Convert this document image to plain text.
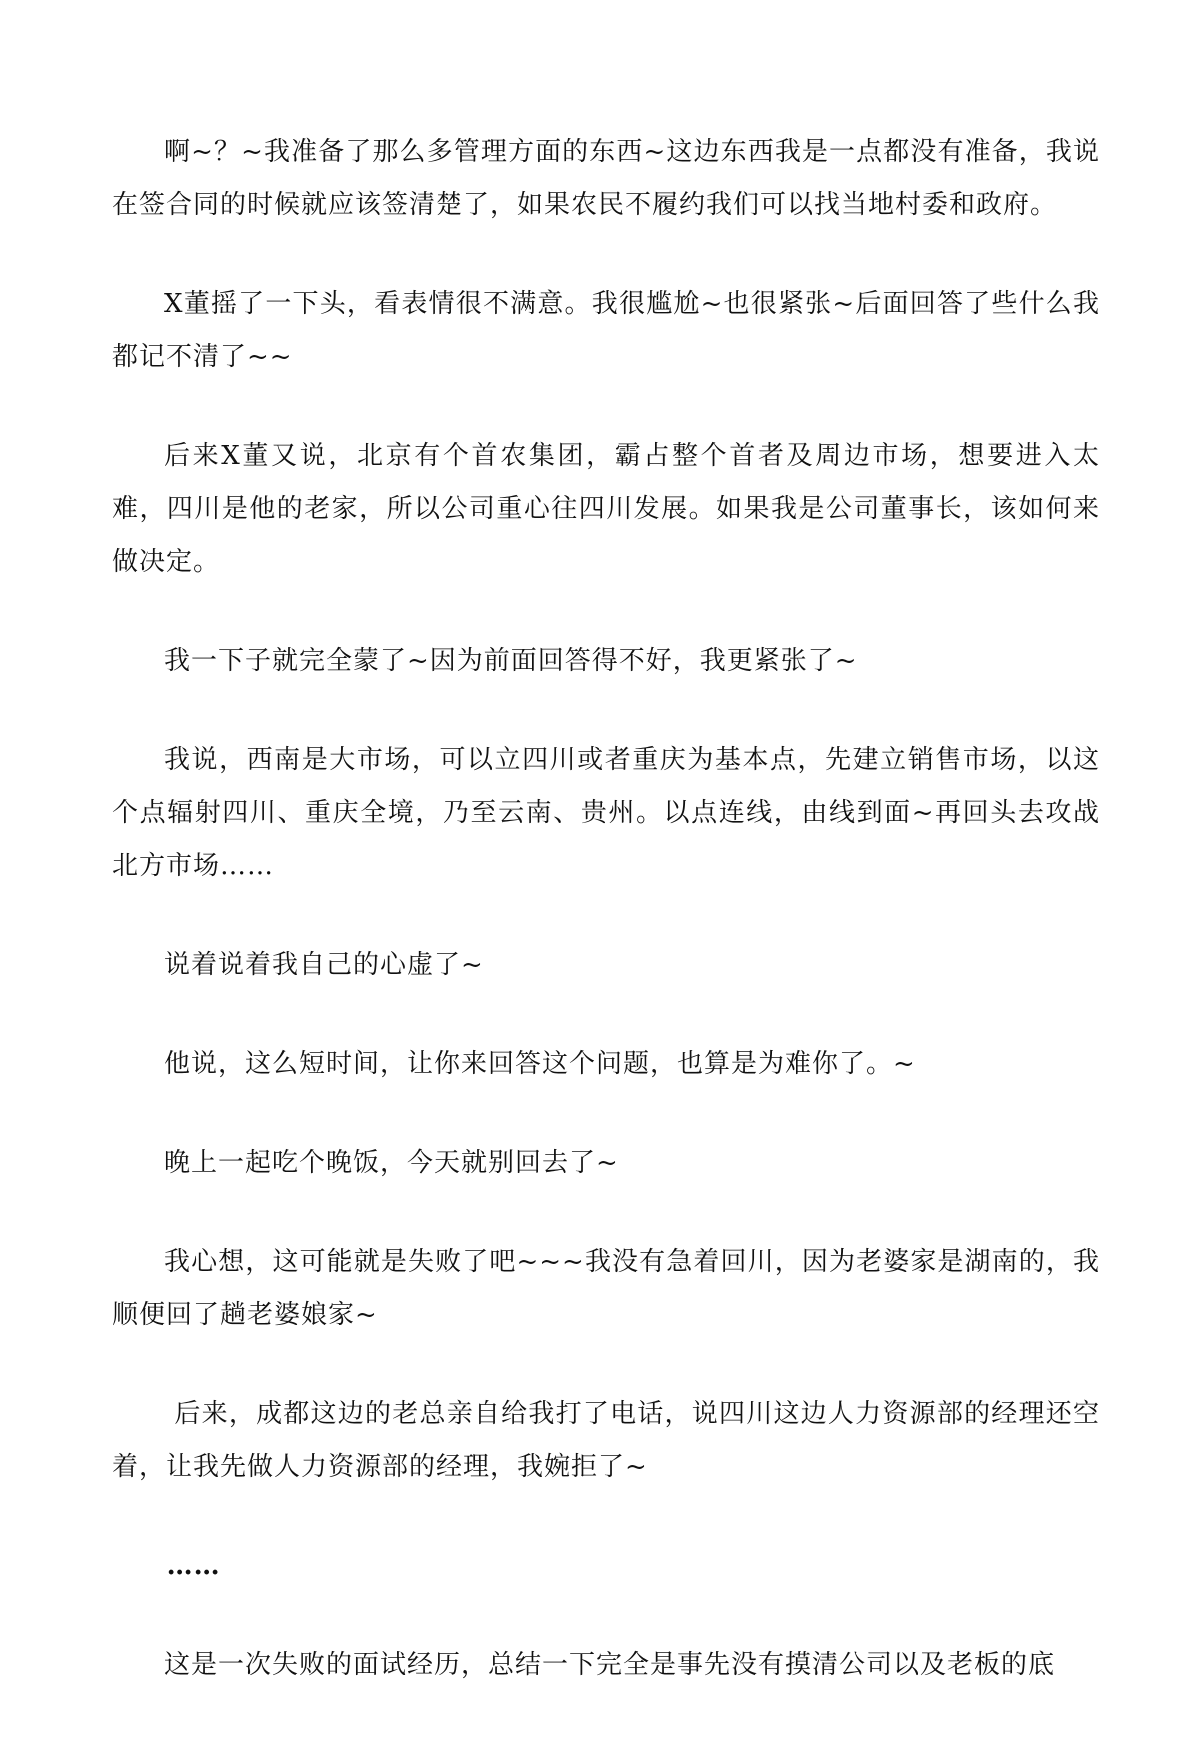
啊~？~我准备了那么多管理方面的东西~这边东西我是一点都没有准备，我说在签合同的时候就应该签清楚了，如果农民不履约我们可以找当地村委和政府。

X董摇了一下头，看表情很不满意。我很尴尬~也很紧张~后面回答了些什么我都记不清了~~

后来X董又说，北京有个首农集团，霸占整个首者及周边市场，想要进入太难，四川是他的老家，所以公司重心往四川发展。如果我是公司董事长，该如何来做决定。

我一下子就完全蒙了~因为前面回答得不好，我更紧张了~

我说，西南是大市场，可以立四川或者重庆为基本点，先建立销售市场，以这个点辐射四川、重庆全境，乃至云南、贵州。以点连线，由线到面~再回头去攻战北方市场……

说着说着我自己的心虚了~

他说，这么短时间，让你来回答这个问题，也算是为难你了。~

晚上一起吃个晚饭，今天就别回去了~

我心想，这可能就是失败了吧~~~我没有急着回川，因为老婆家是湖南的，我顺便回了趟老婆娘家~

后来，成都这边的老总亲自给我打了电话，说四川这边人力资源部的经理还空着，让我先做人力资源部的经理，我婉拒了~

……

这是一次失败的面试经历，总结一下完全是事先没有摸清公司以及老板的底
